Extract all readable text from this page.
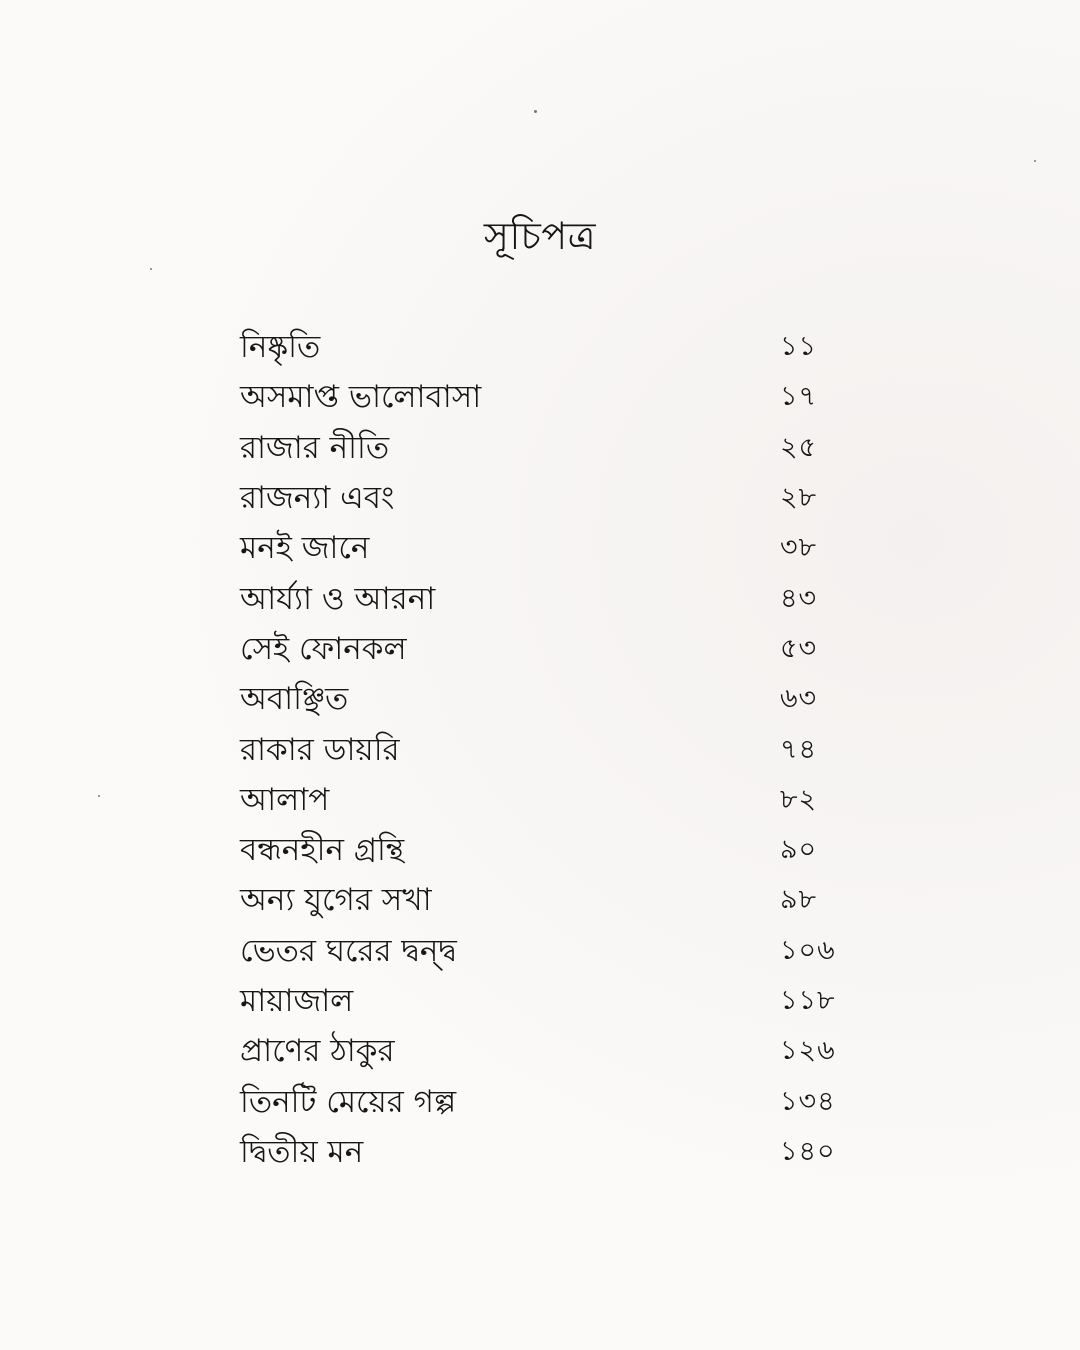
সূচিপত্র
নিষ্কৃতি	১১
অসমাপ্ত ভালোবাসা	১৭
রাজার নীতি	২৫
রাজন্যা এবং	২৮
মনই জানে	৩৮
আর্য্যা ও আরনা	৪৩
সেই ফোনকল	৫৩
অবাঞ্ছিত	৬৩
রাকার ডায়রি	৭৪
আলাপ	৮২
বন্ধনহীন গ্রন্থি	৯০
অন্য যুগের সখা	৯৮
ভেতর ঘরের দ্বন্দ্ব	১০৬
মায়াজাল	১১৮
প্রাণের ঠাকুর	১২৬
তিনটি মেয়ের গল্প	১৩৪
দ্বিতীয় মন	১৪০
